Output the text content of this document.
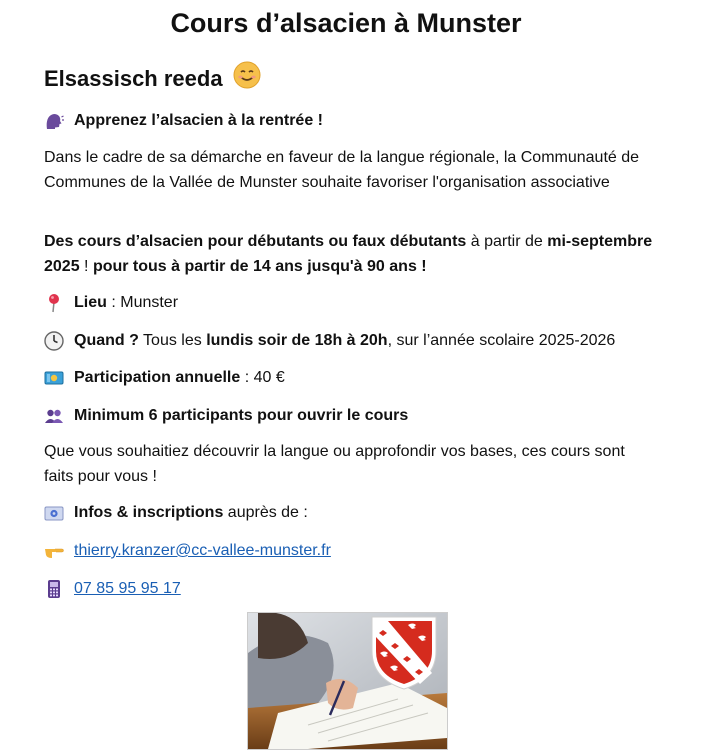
Cours d’alsacien à Munster
Elsassisch reeda
Apprenez l’alsacien à la rentrée !
Dans le cadre de sa démarche en faveur de la langue régionale, la Communauté de Communes de la Vallée de Munster souhaite favoriser l'organisation associative
Des cours d’alsacien pour débutants ou faux débutants à partir de mi-septembre 2025 ! pour tous à partir de 14 ans jusqu'à 90 ans !
Lieu : Munster
Quand ? Tous les lundis soir de 18h à 20h, sur l’année scolaire 2025-2026
Participation annuelle : 40 €
Minimum 6 participants pour ouvrir le cours
Que vous souhaitiez découvrir la langue ou approfondir vos bases, ces cours sont faits pour vous !
Infos & inscriptions auprès de :
thierry.kranzer@cc-vallee-munster.fr
07 85 95 95 17
